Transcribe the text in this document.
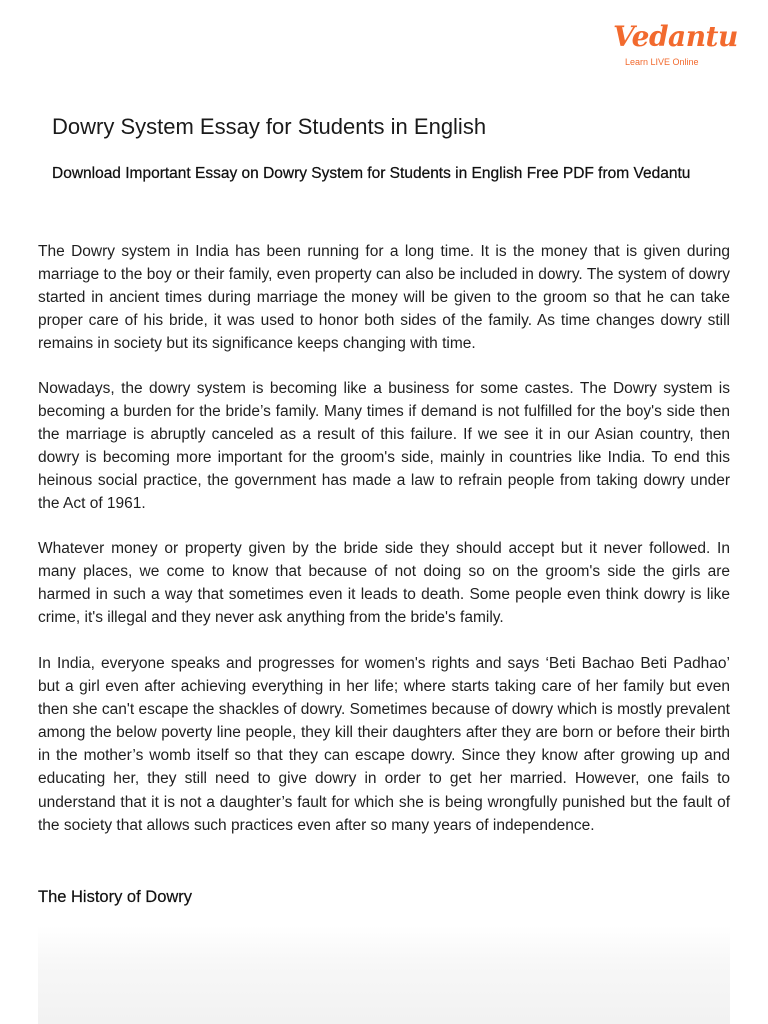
Vedantu
Learn LIVE Online
Dowry System Essay for Students in English
Download Important Essay on Dowry System for Students in English Free PDF from Vedantu

The Dowry system in India has been running for a long time. It is the money that is given during marriage to the boy or their family, even property can also be included in dowry. The system of dowry started in ancient times during marriage the money will be given to the groom so that he can take proper care of his bride, it was used to honor both sides of the family. As time changes dowry still remains in society but its significance keeps changing with time.

Nowadays, the dowry system is becoming like a business for some castes. The Dowry system is becoming a burden for the bride’s family. Many times if demand is not fulfilled for the boy's side then the marriage is abruptly canceled as a result of this failure. If we see it in our Asian country, then dowry is becoming more important for the groom's side, mainly in countries like India. To end this heinous social practice, the government has made a law to refrain people from taking dowry under the Act of 1961.

Whatever money or property given by the bride side they should accept but it never followed. In many places, we come to know that because of not doing so on the groom's side the girls are harmed in such a way that sometimes even it leads to death. Some people even think dowry is like crime, it's illegal and they never ask anything from the bride's family.

In India, everyone speaks and progresses for women's rights and says ‘Beti Bachao Beti Padhao’ but a girl even after achieving everything in her life; where starts taking care of her family but even then she can't escape the shackles of dowry. Sometimes because of dowry which is mostly prevalent among the below poverty line people, they kill their daughters after they are born or before their birth in the mother’s womb itself so that they can escape dowry. Since they know after growing up and educating her, they still need to give dowry in order to get her married. However, one fails to understand that it is not a daughter’s fault for which she is being wrongfully punished but the fault of the society that allows such practices even after so many years of independence.

The History of Dowry
